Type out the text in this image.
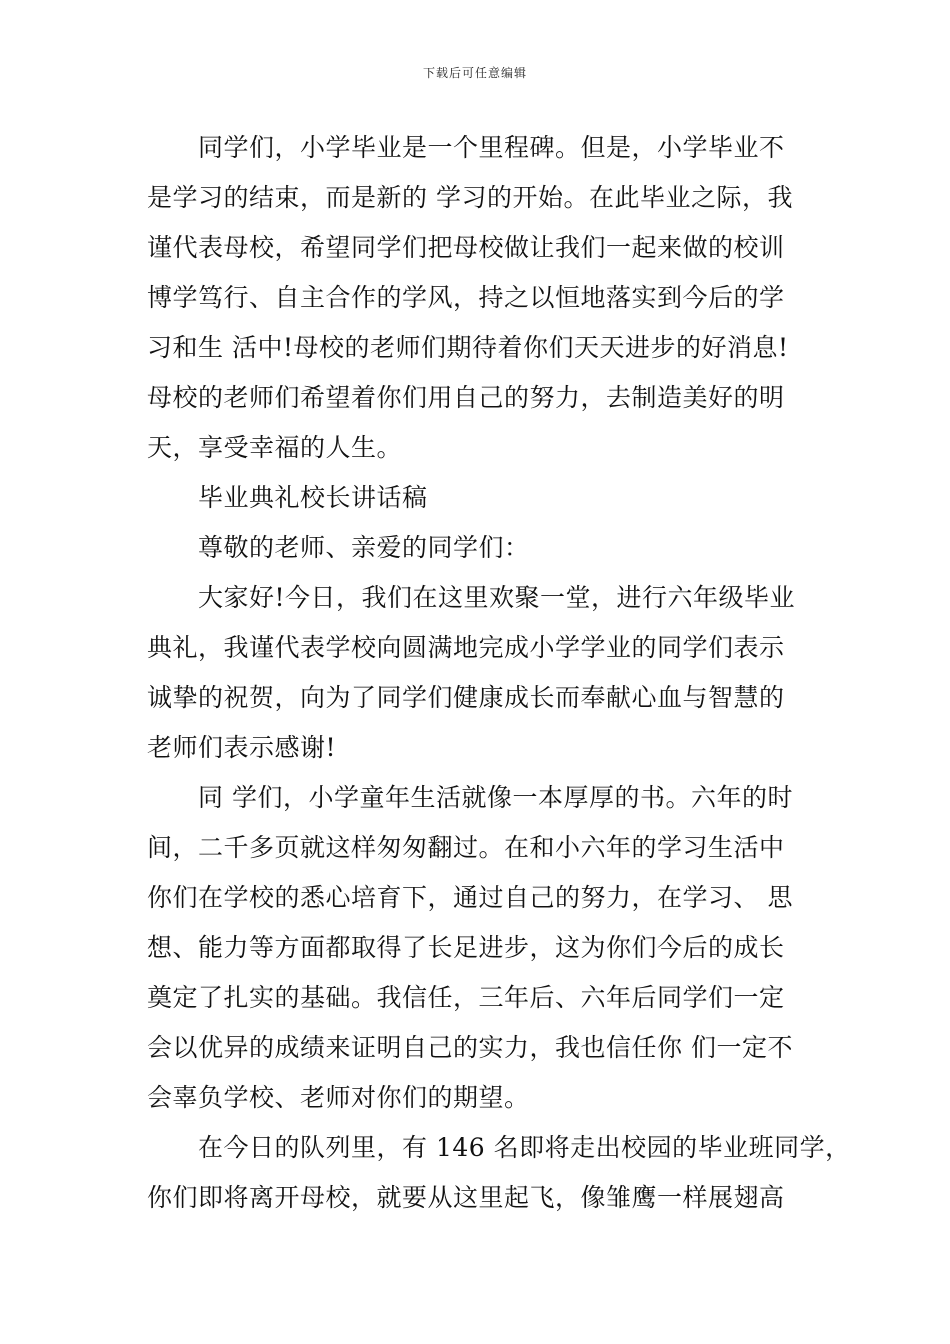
下载后可任意编辑
　　同学们，小学毕业是一个里程碑。但是，小学毕业不
是学习的结束，而是新的 学习的开始。在此毕业之际，我
谨代表母校，希望同学们把母校做让我们一起来做的校训
博学笃行、自主合作的学风，持之以恒地落实到今后的学
习和生 活中!母校的老师们期待着你们天天进步的好消息!
母校的老师们希望着你们用自己的努力，去制造美好的明
天，享受幸福的人生。
　　毕业典礼校长讲话稿
　　尊敬的老师、亲爱的同学们：
　　大家好!今日，我们在这里欢聚一堂，进行六年级毕业
典礼，我谨代表学校向圆满地完成小学学业的同学们表示
诚挚的祝贺，向为了同学们健康成长而奉献心血与智慧的
老师们表示感谢!
　　同 学们，小学童年生活就像一本厚厚的书。六年的时
间，二千多页就这样匆匆翻过。在和小六年的学习生活中
你们在学校的悉心培育下，通过自己的努力，在学习、 思
想、能力等方面都取得了长足进步，这为你们今后的成长
奠定了扎实的基础。我信任，三年后、六年后同学们一定
会以优异的成绩来证明自己的实力，我也信任你 们一定不
会辜负学校、老师对你们的期望。
　　在今日的队列里，有 146 名即将走出校园的毕业班同学，
你们即将离开母校，就要从这里起飞，像雏鹰一样展翅高
